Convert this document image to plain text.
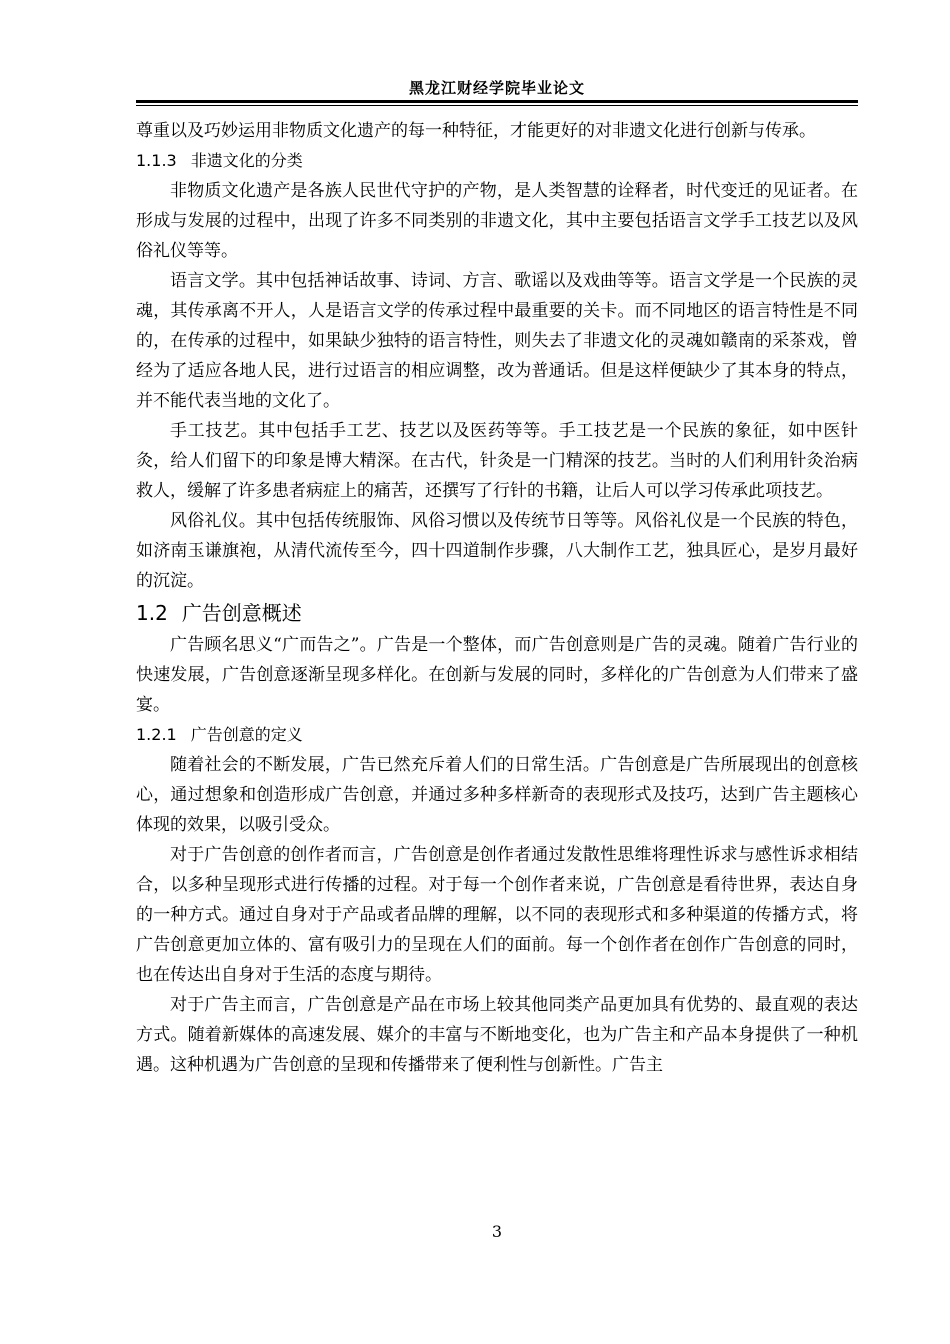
黑龙江财经学院毕业论文

尊重以及巧妙运用非物质文化遗产的每一种特征，才能更好的对非遗文化进行创新与传承。

1.1.3 非遗文化的分类

非物质文化遗产是各族人民世代守护的产物，是人类智慧的诠释者，时代变迁的见证者。在形成与发展的过程中，出现了许多不同类别的非遗文化，其中主要包括语言文学手工技艺以及风俗礼仪等等。

语言文学。其中包括神话故事、诗词、方言、歌谣以及戏曲等等。语言文学是一个民族的灵魂，其传承离不开人，人是语言文学的传承过程中最重要的关卡。而不同地区的语言特性是不同的，在传承的过程中，如果缺少独特的语言特性，则失去了非遗文化的灵魂如赣南的采茶戏，曾经为了适应各地人民，进行过语言的相应调整，改为普通话。但是这样便缺少了其本身的特点，并不能代表当地的文化了。

手工技艺。其中包括手工艺、技艺以及医药等等。手工技艺是一个民族的象征，如中医针灸，给人们留下的印象是博大精深。在古代，针灸是一门精深的技艺。当时的人们利用针灸治病救人，缓解了许多患者病症上的痛苦，还撰写了行针的书籍，让后人可以学习传承此项技艺。

风俗礼仪。其中包括传统服饰、风俗习惯以及传统节日等等。风俗礼仪是一个民族的特色，如济南玉谦旗袍，从清代流传至今，四十四道制作步骤，八大制作工艺，独具匠心，是岁月最好的沉淀。

1.2 广告创意概述

广告顾名思义“广而告之”。广告是一个整体，而广告创意则是广告的灵魂。随着广告行业的快速发展，广告创意逐渐呈现多样化。在创新与发展的同时，多样化的广告创意为人们带来了盛宴。

1.2.1 广告创意的定义

随着社会的不断发展，广告已然充斥着人们的日常生活。广告创意是广告所展现出的创意核心，通过想象和创造形成广告创意，并通过多种多样新奇的表现形式及技巧，达到广告主题核心体现的效果，以吸引受众。

对于广告创意的创作者而言，广告创意是创作者通过发散性思维将理性诉求与感性诉求相结合，以多种呈现形式进行传播的过程。对于每一个创作者来说，广告创意是看待世界，表达自身的一种方式。通过自身对于产品或者品牌的理解，以不同的表现形式和多种渠道的传播方式，将广告创意更加立体的、富有吸引力的呈现在人们的面前。每一个创作者在创作广告创意的同时，也在传达出自身对于生活的态度与期待。

对于广告主而言，广告创意是产品在市场上较其他同类产品更加具有优势的、最直观的表达方式。随着新媒体的高速发展、媒介的丰富与不断地变化，也为广告主和产品本身提供了一种机遇。这种机遇为广告创意的呈现和传播带来了便利性与创新性。广告主

3
